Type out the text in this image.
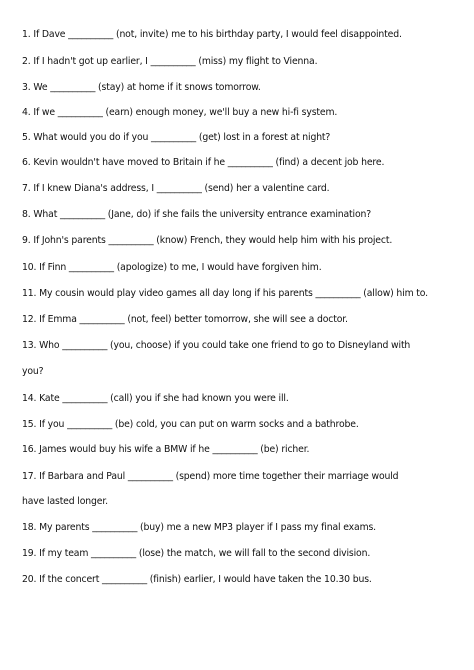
1. If Dave __________ (not, invite) me to his birthday party, I would feel disappointed.
2. If I hadn't got up earlier, I __________ (miss) my flight to Vienna.
3. We __________ (stay) at home if it snows tomorrow.
4. If we __________ (earn) enough money, we'll buy a new hi-fi system.
5. What would you do if you __________ (get) lost in a forest at night?
6. Kevin wouldn't have moved to Britain if he __________ (find) a decent job here.
7. If I knew Diana's address, I __________ (send) her a valentine card.
8. What __________ (Jane, do) if she fails the university entrance examination?
9. If John's parents __________ (know) French, they would help him with his project.
10. If Finn __________ (apologize) to me, I would have forgiven him.
11. My cousin would play video games all day long if his parents __________ (allow) him to.
12. If Emma __________ (not, feel) better tomorrow, she will see a doctor.
13. Who __________ (you, choose) if you could take one friend to go to Disneyland with
you?
14. Kate __________ (call) you if she had known you were ill.
15. If you __________ (be) cold, you can put on warm socks and a bathrobe.
16. James would buy his wife a BMW if he __________ (be) richer.
17. If Barbara and Paul __________ (spend) more time together their marriage would
have lasted longer.
18. My parents __________ (buy) me a new MP3 player if I pass my final exams.
19. If my team __________ (lose) the match, we will fall to the second division.
20. If the concert __________ (finish) earlier, I would have taken the 10.30 bus.
